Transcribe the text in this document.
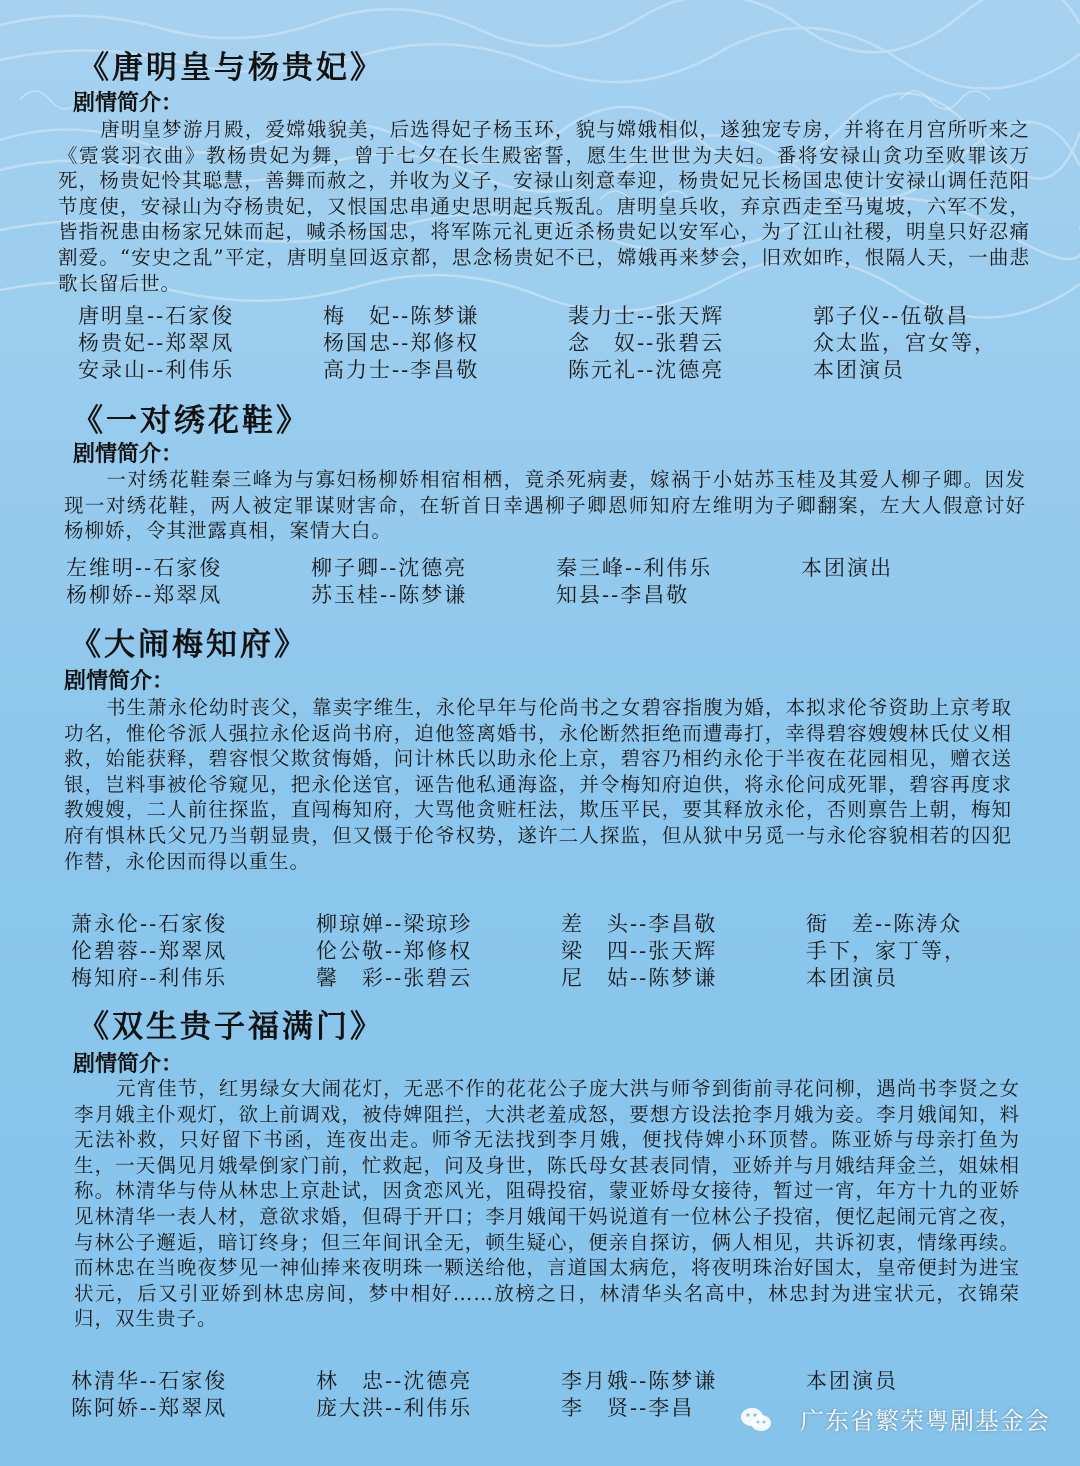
《唐明皇与杨贵妃》
剧情简介：
唐明皇梦游月殿，爱嫦娥貌美，后选得妃子杨玉环，貌与嫦娥相似，遂独宠专房，并将在月宫所听来之《霓裳羽衣曲》教杨贵妃为舞，曾于七夕在长生殿密誓，愿生生世世为夫妇。番将安禄山贪功至败罪该万死，杨贵妃怜其聪慧，善舞而赦之，并收为义子，安禄山刻意奉迎，杨贵妃兄长杨国忠使计安禄山调任范阳节度使，安禄山为夺杨贵妃，又恨国忠串通史思明起兵叛乱。唐明皇兵收，弃京西走至马嵬坡，六军不发，皆指祝患由杨家兄妹而起，喊杀杨国忠，将军陈元礼更近杀杨贵妃以安军心，为了江山社稷，明皇只好忍痛割爱。“安史之乱”平定，唐明皇回返京都，思念杨贵妃不已，嫦娥再来梦会，旧欢如昨，恨隔人天，一曲悲歌长留后世。
唐明皇--石家俊	梅　妃--陈梦谦	裴力士--张天辉	郭子仪--伍敬昌
杨贵妃--郑翠凤	杨国忠--郑修权	念　奴--张碧云	众太监，宫女等，
安录山--利伟乐	高力士--李昌敬	陈元礼--沈德亮	本团演员
《一对绣花鞋》
剧情简介：
一对绣花鞋秦三峰为与寡妇杨柳娇相宿相栖，竟杀死病妻，嫁祸于小姑苏玉桂及其爱人柳子卿。因发现一对绣花鞋，两人被定罪谋财害命，在斩首日幸遇柳子卿恩师知府左维明为子卿翻案，左大人假意讨好杨柳娇，令其泄露真相，案情大白。
左维明--石家俊	柳子卿--沈德亮	秦三峰--利伟乐	本团演出
杨柳娇--郑翠凤	苏玉桂--陈梦谦	知县--李昌敬
《大闹梅知府》
剧情简介：
书生萧永伦幼时丧父，靠卖字维生，永伦早年与伦尚书之女碧容指腹为婚，本拟求伦爷资助上京考取功名，惟伦爷派人强拉永伦返尚书府，迫他签离婚书，永伦断然拒绝而遭毒打，幸得碧容嫂嫂林氏仗义相救，始能获释，碧容恨父欺贫悔婚，问计林氏以助永伦上京，碧容乃相约永伦于半夜在花园相见，赠衣送银，岂料事被伦爷窥见，把永伦送官，诬告他私通海盗，并令梅知府迫供，将永伦问成死罪，碧容再度求教嫂嫂，二人前往探监，直闯梅知府，大骂他贪赃枉法，欺压平民，要其释放永伦，否则禀告上朝，梅知府有惧林氏父兄乃当朝显贵，但又慑于伦爷权势，遂许二人探监，但从狱中另觅一与永伦容貌相若的囚犯作替，永伦因而得以重生。
萧永伦--石家俊	柳琼婵--梁琼珍	差　头--李昌敬	衙　差--陈涛众
伦碧蓉--郑翠凤	伦公敬--郑修权	梁　四--张天辉	手下，家丁等，
梅知府--利伟乐	馨　彩--张碧云	尼　姑--陈梦谦	本团演员
《双生贵子福满门》
剧情简介：
元宵佳节，红男绿女大闹花灯，无恶不作的花花公子庞大洪与师爷到街前寻花问柳，遇尚书李贤之女李月娥主仆观灯，欲上前调戏，被侍婢阻拦，大洪老羞成怒，要想方设法抢李月娥为妾。李月娥闻知，料无法补救，只好留下书函，连夜出走。师爷无法找到李月娥，便找侍婢小环顶替。陈亚娇与母亲打鱼为生，一天偶见月娥晕倒家门前，忙救起，问及身世，陈氏母女甚表同情，亚娇并与月娥结拜金兰，姐妹相称。林清华与侍从林忠上京赴试，因贪恋风光，阻碍投宿，蒙亚娇母女接待，暂过一宵，年方十九的亚娇见林清华一表人材，意欲求婚，但碍于开口；李月娥闻干妈说道有一位林公子投宿，便忆起闹元宵之夜，与林公子邂逅，暗订终身；但三年间讯全无，顿生疑心，便亲自探访，俩人相见，共诉初衷，情缘再续。而林忠在当晚夜梦见一神仙捧来夜明珠一颗送给他，言道国太病危，将夜明珠治好国太，皇帝便封为进宝状元，后又引亚娇到林忠房间，梦中相好……放榜之日，林清华头名高中，林忠封为进宝状元，衣锦荣归，双生贵子。
林清华--石家俊	林　忠--沈德亮	李月娥--陈梦谦	本团演员
陈阿娇--郑翠凤	庞大洪--利伟乐	李　贤--李昌	广东省繁荣粤剧基金会
